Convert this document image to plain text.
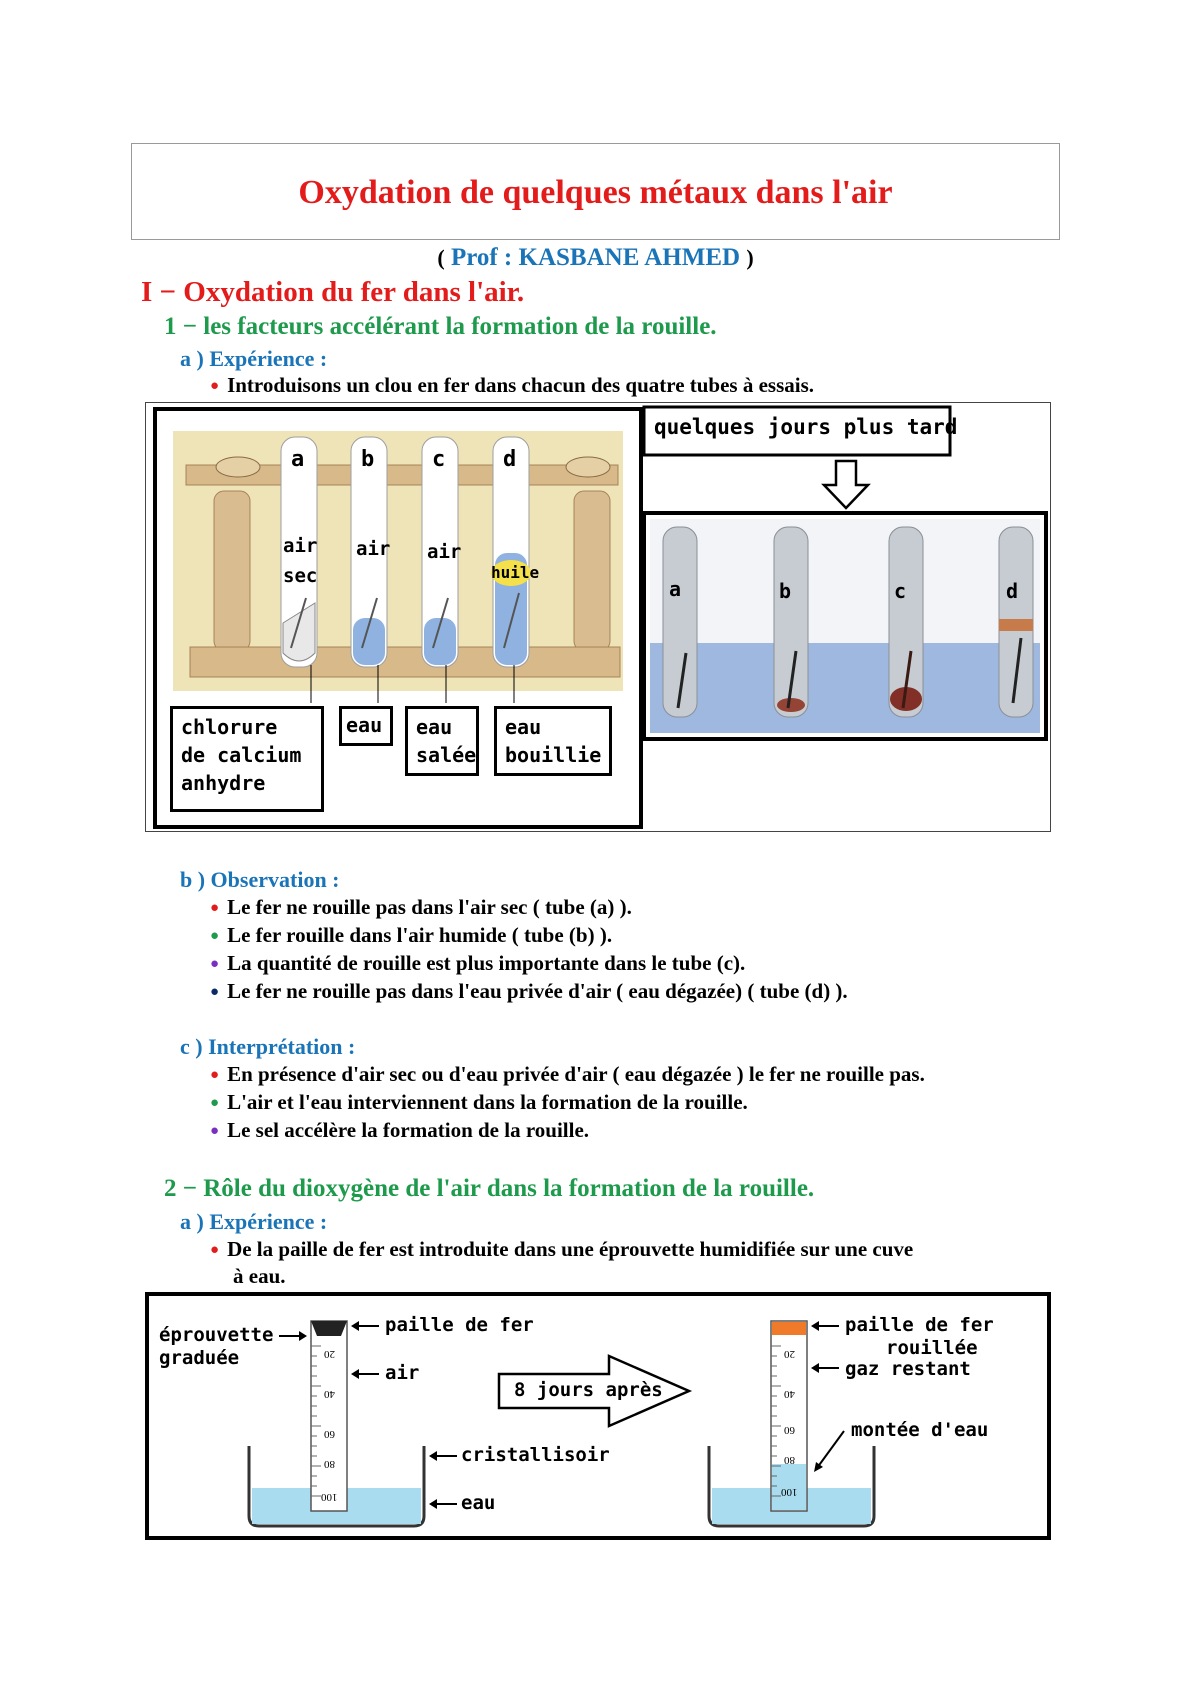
Oxydation de quelques métaux dans l'air
( Prof : KASBANE AHMED )
I − Oxydation du fer dans l'air.
1 − les facteurs accélérant la formation de la rouille.
a ) Expérience :
● Introduisons un clou en fer dans chacun des quatre tubes à essais.
a	b	c	d
air
sec
air air
huile
chlorure
de calcium
anhydre
eau eau
salée
eau
bouillie
quelques jours plus tard
a	b	c	d
b ) Observation :
● Le fer ne rouille pas dans l'air sec ( tube (a) ).
● Le fer rouille dans l'air humide ( tube (b) ).
● La quantité de rouille est plus importante dans le tube (c).
● Le fer ne rouille pas dans l'eau privée d'air ( eau dégazée) ( tube (d) ).
c ) Interprétation :
● En présence d'air sec ou d'eau privée d'air ( eau dégazée ) le fer ne rouille pas.
● L'air et l'eau interviennent dans la formation de la rouille.
● Le sel accélère la formation de la rouille.
2 − Rôle du dioxygène de l'air dans la formation de la rouille.
a ) Expérience :
● De la paille de fer est introduite dans une éprouvette humidifiée sur une cuve
à eau.
20
40
60
80
100
20
40
60
80
100
éprouvette
graduée
paille de fer
air
cristallisoir
eau
8 jours après
paille de fer
rouillée
gaz restant
montée d'eau
